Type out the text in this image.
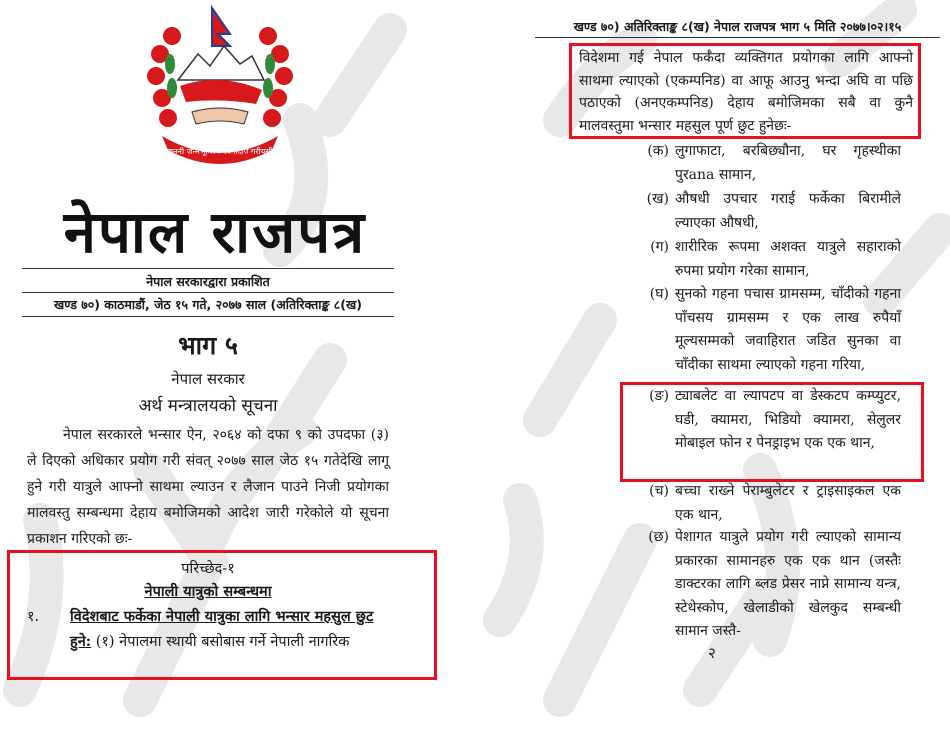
जननी जन्मभूमिश्च स्वर्गादपि गरीयसी
नेपाल राजपत्र
नेपाल सरकारद्वारा प्रकाशित
खण्ड ७०) काठमाडौं, जेठ १५ गते, २०७७ साल (अतिरिक्ताङ्क ८(ख)
भाग ५
नेपाल सरकार
अर्थ मन्त्रालयको सूचना

नेपाल सरकारले भन्सार ऐन, २०६४ को दफा ९ को उपदफा (३) ले दिएको अधिकार प्रयोग गरी संवत् २०७७ साल जेठ १५ गतेदेखि लागू हुने गरी यात्रुले आफ्नो साथमा ल्याउन र लैजान पाउने निजी प्रयोगका मालवस्तु सम्बन्धमा देहाय बमोजिमको आदेश जारी गरेकोले यो सूचना प्रकाशन गरिएको छः-

परिच्छेद-१
नेपाली यात्रुको सम्बन्धमा
१. विदेशबाट फर्केका नेपाली यात्रुका लागि भन्सार महसुल छुट
हुने: (१) नेपालमा स्थायी बसोबास गर्ने नेपाली नागरिक
खण्ड ७०) अतिरिक्ताङ्क ८(ख) नेपाल राजपत्र भाग ५ मिति २०७७।०२।१५

विदेशमा गई नेपाल फर्कँदा व्यक्तिगत प्रयोगका लागि आफ्नो साथमा ल्याएको (एकम्पनिड) वा आफू आउनु भन्दा अघि वा पछि पठाएको (अनएकम्पनिड) देहाय बमोजिमका सबै वा कुनै मालवस्तुमा भन्सार महसुल पूर्ण छुट हुनेछः-

(क) लुगाफाटा, बरबिछ्यौना, घर गृहस्थीका पुरana सामान,
(ख) औषधी उपचार गराई फर्केका बिरामीले ल्याएका औषधी,
(ग) शारीरिक रूपमा अशक्त यात्रुले सहाराको रुपमा प्रयोग गरेका सामान,
(घ) सुनको गहना पचास ग्रामसम्म, चाँदीको गहना पाँचसय ग्रामसम्म र एक लाख रुपैयाँ मूल्यसम्मको जवाहिरात जडित सुनका वा चाँदीका साथमा ल्याएको गहना गरिया,
(ङ) ट्याबलेट वा ल्यापटप वा डेस्कटप कम्प्युटर, घडी, क्यामरा, भिडियो क्यामरा, सेलुलर मोबाइल फोन र पेनड्राइभ एक एक थान,
(च) बच्चा राख्ने पेराम्बुलेटर र ट्राइसाइकल एक एक थान,
(छ) पेशागत यात्रुले प्रयोग गरी ल्याएको सामान्य प्रकारका सामानहरु एक एक थान (जस्तैः डाक्टरका लागि ब्लड प्रेसर नाप्ने सामान्य यन्त्र, स्टेथेस्कोप, खेलाडीको खेलकुद सम्बन्धी सामान जस्तै-
२
